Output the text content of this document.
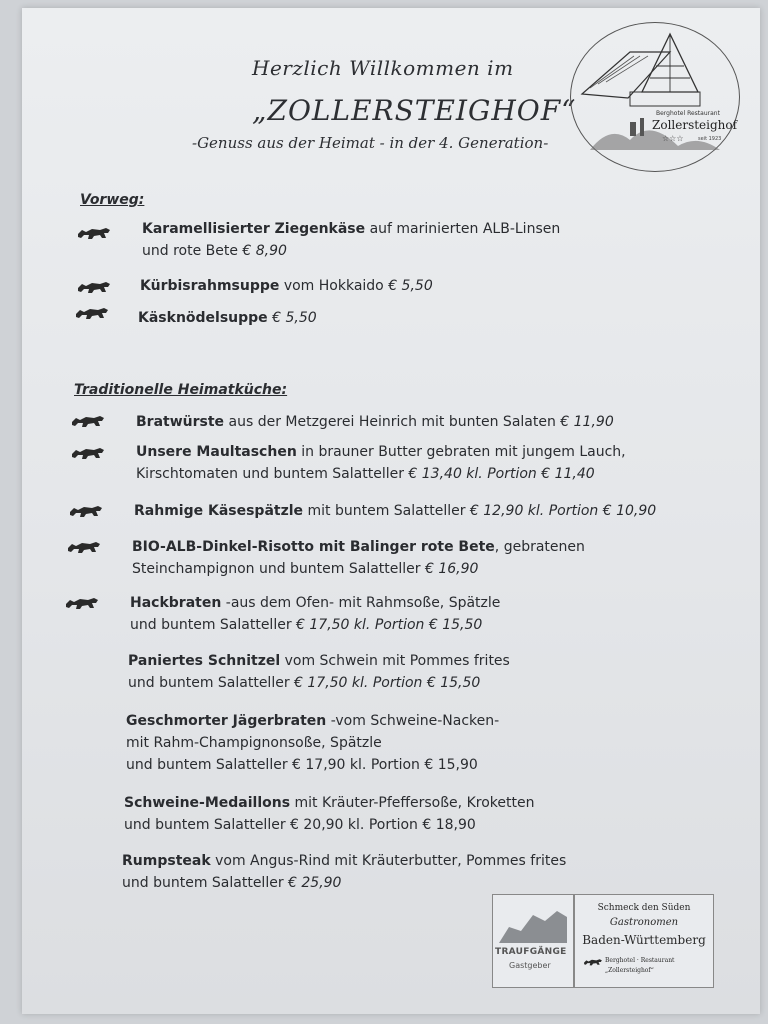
Herzlich Willkommen im
„ZOLLERSTEIGHOF“
-Genuss aus der Heimat - in der 4. Generation-
Berghotel Restaurant
Zollersteighof
☆☆☆	seit 1923
Vorweg:
Karamellisierter Ziegenkäse auf marinierten ALB-Linsen
und rote Bete € 8,90
Kürbisrahmsuppe vom Hokkaido € 5,50
Käsknödelsuppe € 5,50
Traditionelle Heimatküche:
Bratwürste aus der Metzgerei Heinrich mit bunten Salaten € 11,90
Unsere Maultaschen in brauner Butter gebraten mit jungem Lauch,
Kirschtomaten und buntem Salatteller € 13,40 kl. Portion € 11,40
Rahmige Käsespätzle mit buntem Salatteller € 12,90 kl. Portion € 10,90
BIO-ALB-Dinkel-Risotto mit Balinger rote Bete, gebratenen
Steinchampignon und buntem Salatteller € 16,90
Hackbraten -aus dem Ofen- mit Rahmsoße, Spätzle
und buntem Salatteller € 17,50 kl. Portion € 15,50
Paniertes Schnitzel vom Schwein mit Pommes frites
und buntem Salatteller € 17,50 kl. Portion € 15,50
Geschmorter Jägerbraten -vom Schweine-Nacken-
mit Rahm-Champignonsoße, Spätzle
und buntem Salatteller € 17,90 kl. Portion € 15,90
Schweine-Medaillons mit Kräuter-Pfeffersoße, Kroketten
und buntem Salatteller € 20,90 kl. Portion € 18,90
Rumpsteak vom Angus-Rind mit Kräuterbutter, Pommes frites
und buntem Salatteller € 25,90
TRAUFGÄNGE
Gastgeber
Schmeck den Süden
Gastronomen
Baden-Württemberg
Berghotel · Restaurant
„Zollersteighof“
